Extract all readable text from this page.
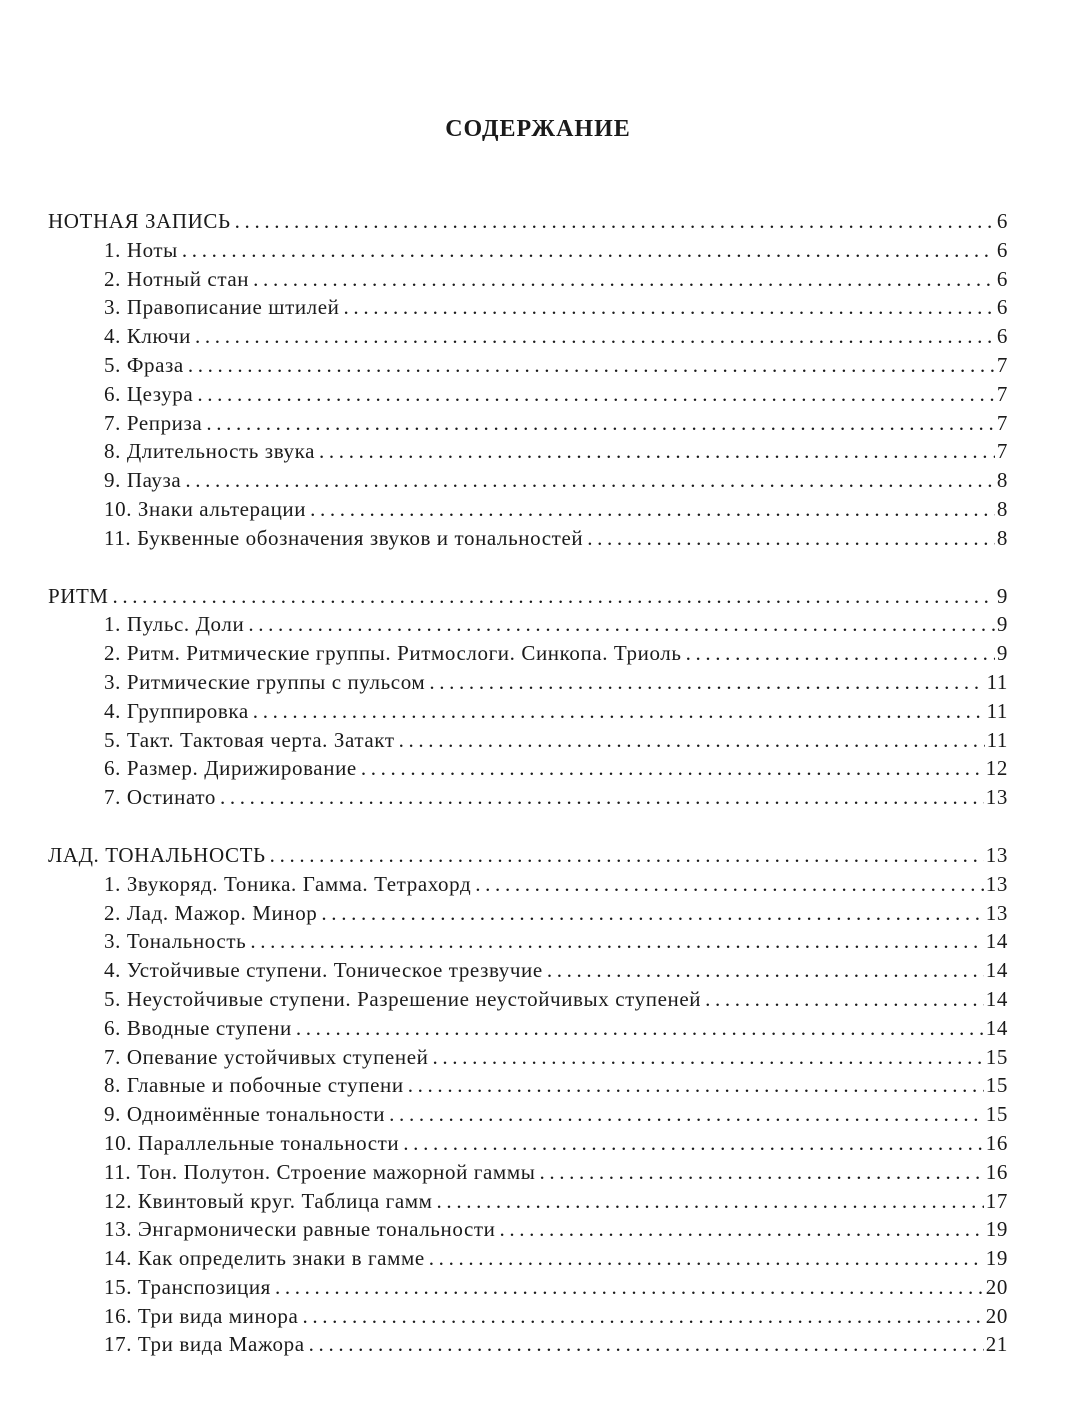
СОДЕРЖАНИЕ
НОТНАЯ ЗАПИСЬ . . .	6
1. Ноты . . .	6
2. Нотный стан . . .	6
3. Правописание штилей . . .	6
4. Ключи . . .	6
5. Фраза . . .	7
6. Цезура . . .	7
7. Реприза . . .	7
8. Длительность звука . . .	7
9. Пауза . . .	8
10. Знаки альтерации . . .	8
11. Буквенные обозначения звуков и тональностей . . .	8
РИТМ . . .	9
1. Пульс. Доли . . .	9
2. Ритм. Ритмические группы. Ритмослоги. Синкопа. Триоль . . .	9
3. Ритмические группы с пульсом . . .	11
4. Группировка . . .	11
5. Такт. Тактовая черта. Затакт . . .	11
6. Размер. Дирижирование . . .	12
7. Остинато . . .	13
ЛАД. ТОНАЛЬНОСТЬ . . .	13
1. Звукоряд. Тоника. Гамма. Тетрахорд . . .	13
2. Лад. Мажор. Минор . . .	13
3. Тональность . . .	14
4. Устойчивые ступени. Тоническое трезвучие . . .	14
5. Неустойчивые ступени. Разрешение неустойчивых ступеней . . .	14
6. Вводные ступени . . .	14
7. Опевание устойчивых ступеней . . .	15
8. Главные и побочные ступени . . .	15
9. Одноимённые тональности . . .	15
10. Параллельные тональности . . .	16
11. Тон. Полутон. Строение мажорной гаммы . . .	16
12. Квинтовый круг. Таблица гамм . . .	17
13. Энгармонически равные тональности . . .	19
14. Как определить знаки в гамме . . .	19
15. Транспозиция . . .	20
16. Три вида минора . . .	20
17. Три вида Мажора . . .	21
